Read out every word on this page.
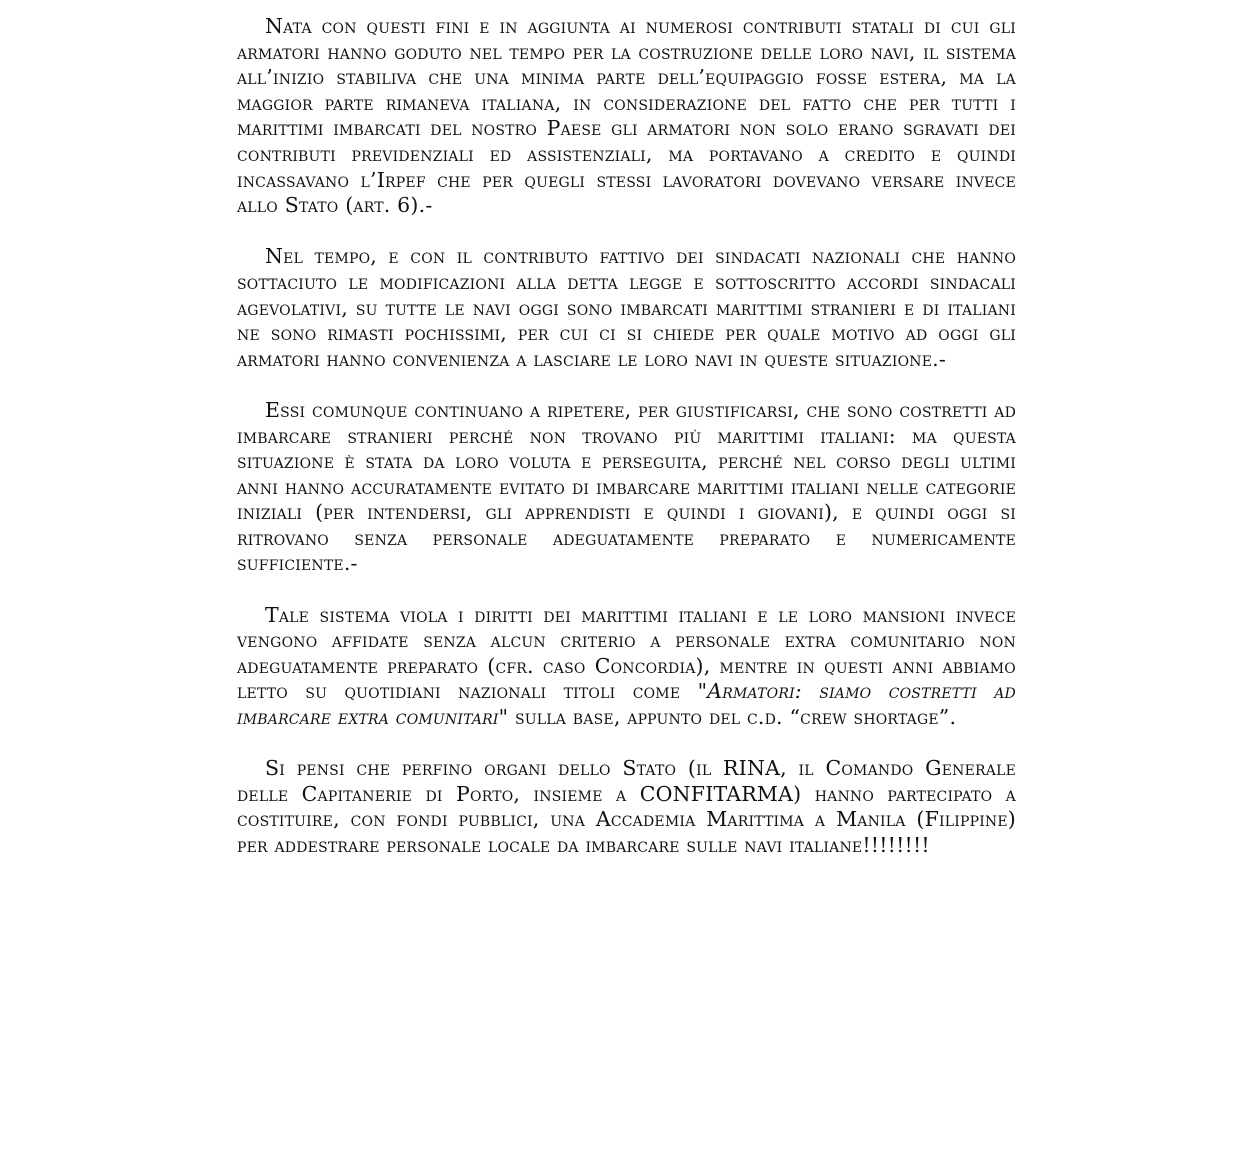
Nata con questi fini e in aggiunta ai numerosi contributi statali di cui gli armatori hanno goduto nel tempo per la costruzione delle loro navi, il sistema all’inizio stabiliva che una minima parte dell’equipaggio fosse estera, ma la maggior parte rimaneva italiana, in considerazione del fatto che per tutti i marittimi imbarcati del nostro Paese gli armatori non solo erano sgravati dei contributi previdenziali ed assistenziali, ma portavano a credito e quindi incassavano l’Irpef che per quegli stessi lavoratori dovevano versare invece allo Stato (art. 6).-

Nel tempo, e con il contributo fattivo dei sindacati nazionali che hanno sottaciuto le modificazioni alla detta legge e sottoscritto accordi sindacali agevolativi, su tutte le navi oggi sono imbarcati marittimi stranieri e di italiani ne sono rimasti pochissimi, per cui ci si chiede per quale motivo ad oggi gli armatori hanno convenienza a lasciare le loro navi in queste situazione.-

Essi comunque continuano a ripetere, per giustificarsi, che sono costretti ad imbarcare stranieri perché non trovano più marittimi italiani: ma questa situazione è stata da loro voluta e perseguita, perché nel corso degli ultimi anni hanno accuratamente evitato di imbarcare marittimi italiani nelle categorie iniziali (per intendersi, gli apprendisti e quindi i giovani), e quindi oggi si ritrovano senza personale adeguatamente preparato e numericamente sufficiente.-

Tale sistema viola i diritti dei marittimi italiani e le loro mansioni invece vengono affidate senza alcun criterio a personale extra comunitario non adeguatamente preparato (cfr. caso Concordia), mentre in questi anni abbiamo letto su quotidiani nazionali titoli come "Armatori: siamo costretti ad imbarcare extra comunitari" sulla base, appunto del c.d. “crew shortage”.

Si pensi che perfino organi dello Stato (il RINA, il Comando Generale delle Capitanerie di Porto, insieme a CONFITARMA) hanno partecipato a costituire, con fondi pubblici, una Accademia Marittima a Manila (Filippine) per addestrare personale locale da imbarcare sulle navi italiane!!!!!!!!
